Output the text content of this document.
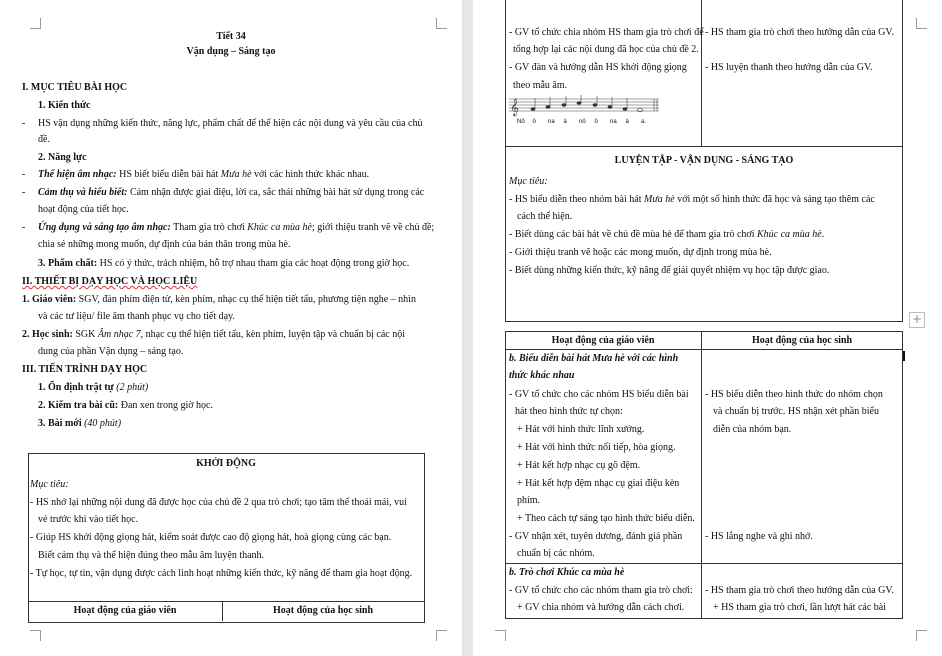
Tiết 34
Vận dụng – Sáng tạo
I. MỤC TIÊU BÀI HỌC
1. Kiến thức
- HS vận dụng những kiến thức, năng lực, phẩm chất để thể hiện các nội dung và yêu cầu của chủ
đề.
2. Năng lực
- Thể hiện âm nhạc: HS biết biểu diễn bài hát Mưa hè với các hình thức khác nhau.
- Cảm thụ và hiểu biết: Cảm nhận được giai điệu, lời ca, sắc thái những bài hát sử dụng trong các
hoạt động của tiết học.
- Ứng dụng và sáng tạo âm nhạc: Tham gia trò chơi Khúc ca mùa hè; giới thiệu tranh vẽ về chủ đề;
chia sẻ những mong muốn, dự định của bản thân trong mùa hè.
3. Phẩm chất: HS có ý thức, trách nhiệm, hỗ trợ nhau tham gia các hoạt động trong giờ học.
II. THIẾT BỊ DẠY HỌC VÀ HỌC LIỆU
1. Giáo viên: SGV, đàn phím điện tử, kèn phím, nhạc cụ thể hiện tiết tấu, phương tiện nghe – nhìn
và các tư liệu/ file âm thanh phục vụ cho tiết dạy.
2. Học sinh: SGK Âm nhạc 7, nhạc cụ thể hiện tiết tấu, kèn phím, luyện tập và chuẩn bị các nội
dung của phần Vận dụng – sáng tạo.
III. TIẾN TRÌNH DẠY HỌC
1. Ổn định trật tự (2 phút)
2. Kiểm tra bài cũ: Đan xen trong giờ học.
3. Bài mới (40 phút)
KHỞI ĐỘNG
Mục tiêu:
- HS nhớ lại những nội dung đã được học của chủ đề 2 qua trò chơi; tạo tâm thế thoải mái, vui
vẻ trước khi vào tiết học.
- Giúp HS khởi động giọng hát, kiểm soát được cao độ giọng hát, hoà giọng cùng các bạn.
Biết cảm thụ và thể hiện đúng theo mẫu âm luyện thanh.
- Tự học, tự tin, vận dụng được cách linh hoạt những kiến thức, kỹ năng để tham gia hoạt động.
Hoạt động của giáo viên	Hoạt động của học sinh
- GV tổ chức chia nhóm HS tham gia trò chơi để
tổng hợp lại các nội dung đã học của chủ đề 2.
- GV đàn và hướng dẫn HS khởi động giọng
theo mẫu âm.
- HS tham gia trò chơi theo hướng dẫn của GV.
- HS luyện thanh theo hướng dẫn của GV.
𝄞
Nô ô na á nô ô na á a.
LUYỆN TẬP - VẬN DỤNG - SÁNG TẠO
Mục tiêu:
- HS biểu diễn theo nhóm bài hát Mưa hè với một số hình thức đã học và sáng tạo thêm các
cách thể hiện.
- Biết dùng các bài hát về chủ đề mùa hè để tham gia trò chơi Khúc ca mùa hè.
- Giới thiệu tranh vẽ hoặc các mong muốn, dự định trong mùa hè.
- Biết dùng những kiến thức, kỹ năng để giải quyết nhiệm vụ học tập được giao.
Hoạt động của giáo viên	Hoạt động của học sinh
b. Biểu diễn bài hát Mưa hè với các hình
thức khác nhau
- GV tổ chức cho các nhóm HS biểu diễn bài
hát theo hình thức tự chọn:
+ Hát với hình thức lĩnh xướng.
+ Hát với hình thức nối tiếp, hòa giọng.
+ Hát kết hợp nhạc cụ gõ đệm.
+ Hát kết hợp đệm nhạc cụ giai điệu kèn
phím.
+ Theo cách tự sáng tạo hình thức biểu diễn.
- GV nhận xét, tuyên dương, đánh giá phần
chuẩn bị các nhóm.
- HS biểu diễn theo hình thức do nhóm chọn
và chuẩn bị trước. HS nhận xét phần biểu
diễn của nhóm bạn.
- HS lắng nghe và ghi nhớ.
b. Trò chơi Khúc ca mùa hè
- GV tổ chức cho các nhóm tham gia trò chơi:
+ GV chia nhóm và hướng dẫn cách chơi.
- HS tham gia trò chơi theo hướng dẫn của GV.
+ HS tham gia trò chơi, lần lượt hát các bài
+
